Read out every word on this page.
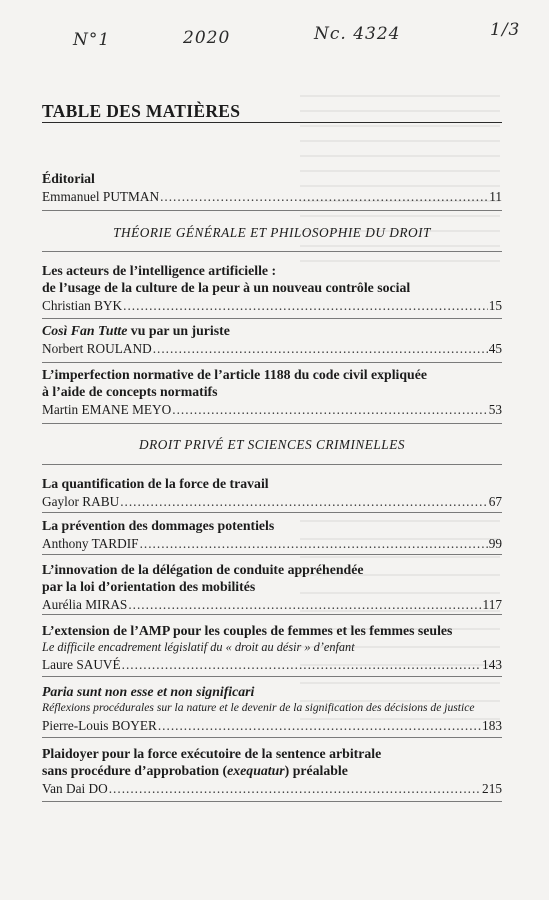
N°1	2020	Nc. 4324	1/3
TABLE DES MATIÈRES
Éditorial
Emmanuel PUTMAN .....	11
THÉORIE GÉNÉRALE ET PHILOSOPHIE DU DROIT
Les acteurs de l’intelligence artificielle :
de l’usage de la culture de la peur à un nouveau contrôle social
Christian BYK .....	15
Così Fan Tutte vu par un juriste
Norbert ROULAND .....	45
L’imperfection normative de l’article 1188 du code civil expliquée
à l’aide de concepts normatifs
Martin EMANE MEYO .....	53
DROIT PRIVÉ ET SCIENCES CRIMINELLES
La quantification de la force de travail
Gaylor RABU .....	67
La prévention des dommages potentiels
Anthony TARDIF .....	99
L’innovation de la délégation de conduite appréhendée
par la loi d’orientation des mobilités
Aurélia MIRAS .....	117
L’extension de l’AMP pour les couples de femmes et les femmes seules
Le difficile encadrement législatif du « droit au désir » d’enfant
Laure SAUVÉ .....	143
Paria sunt non esse et non significari
Réflexions procédurales sur la nature et le devenir de la signification des décisions de justice
Pierre-Louis BOYER .....	183
Plaidoyer pour la force exécutoire de la sentence arbitrale
sans procédure d’approbation (exequatur) préalable
Van Dai DO .....	215
